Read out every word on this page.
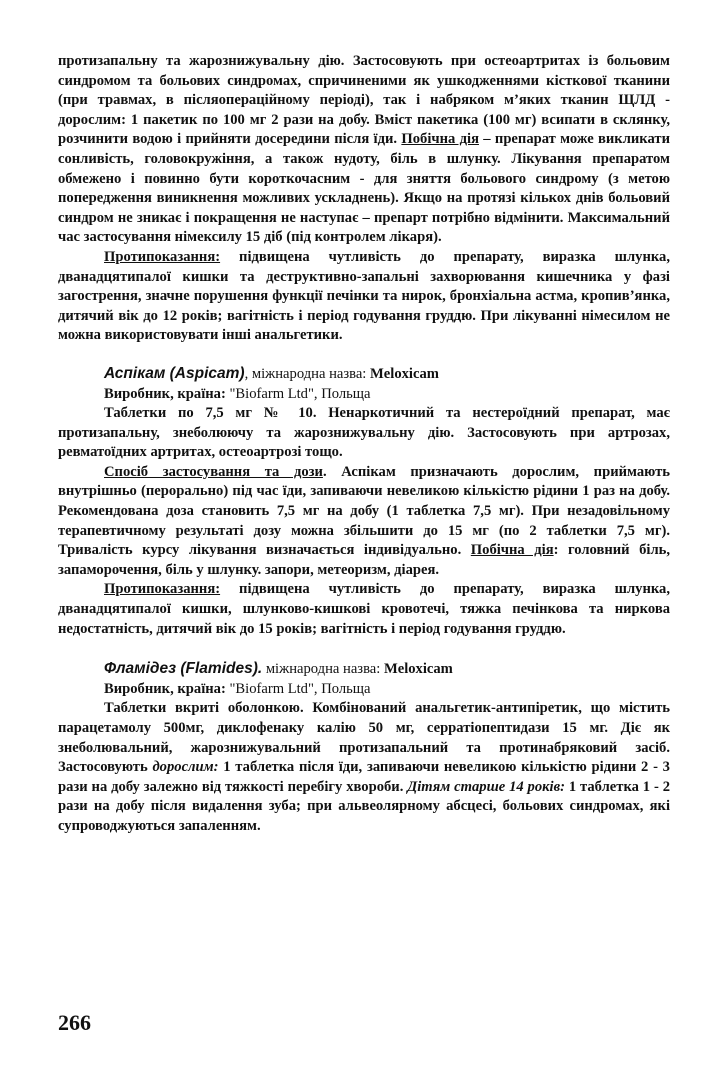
протизапальну та жарознижувальну дію. Застосовують при остеоартритах із больовим синдромом та больових синдромах, спричиненими як ушкодженнями кісткової тканини (при травмах, в післяопераційному періоді), так і набряком м’яких тканин ЩЛД - дорослим: 1 пакетик по 100 мг 2 рази на добу. Вміст пакетика (100 мг) всипати в склянку, розчинити водою і прийняти досередини після їди. Побічна дія – препарат може викликати сонливість, головокружіння, а також нудоту, біль в шлунку. Лікування препаратом обмежено і повинно бути короткочасним - для зняття больового синдрому (з метою попередження виникнення можливих ускладнень). Якщо на протязі кількох днів больовий синдром не зникає і покращення не наступає – препарт потрібно відмінити. Максимальний час застосування німексилу 15 діб (під контролем лікаря).

Протипоказання: підвищена чутливість до препарату, виразка шлунка, дванадцятипалої кишки та деструктивно-запальні захворювання кишечника у фазі загострення, значне порушення функції печінки та нирок, бронхіальна астма, кропив’янка, дитячий вік до 12 років; вагітність і період годування груддю. При лікуванні німесилом не можна використовувати інші анальгетики.

Аспікам (Aspicam), міжнародна назва: Meloxicam
Виробник, країна: "Biofarm Ltd", Польща

Таблетки по 7,5 мг № 10. Ненаркотичний та нестероїдний препарат, має протизапальну, знеболюючу та жарознижувальну дію. Застосовують при артрозах, ревматоїдних артритах, остеоартрозі тощо.

Спосіб застосування та дози. Аспікам призначають дорослим, приймають внутрішньо (перорально) під час їди, запиваючи невеликою кількістю рідини 1 раз на добу. Рекомендована доза становить 7,5 мг на добу (1 таблетка 7,5 мг). При незадовільному терапевтичному результаті дозу можна збільшити до 15 мг (по 2 таблетки 7,5 мг). Тривалість курсу лікування визначається індивідуально. Побічна дія: головний біль, запаморочення, біль у шлунку. запори, метеоризм, діарея.

Протипоказання: підвищена чутливість до препарату, виразка шлунка, дванадцятипалої кишки, шлунково-кишкові кровотечі, тяжка печінкова та ниркова недостатність, дитячий вік до 15 років; вагітність і період годування груддю.

Фламідез (Flamides). міжнародна назва: Meloxicam
Виробник, країна: "Biofarm Ltd", Польща

Таблетки вкриті оболонкою. Комбінований анальгетик-антипіретик, що містить парацетамолу 500мг, диклофенаку калію 50 мг, серратіопептидази 15 мг. Діє як знеболювальний, жарознижувальний протизапальний та протинабряковий засіб. Застосовують дорослим: 1 таблетка після їди, запиваючи невеликою кількістю рідини 2 - 3 рази на добу залежно від тяжкості перебігу хвороби. Дітям старше 14 років: 1 таблетка 1 - 2 рази на добу після видалення зуба; при альвеолярному абсцесі, больових синдромах, які супроводжуються запаленням.

266
